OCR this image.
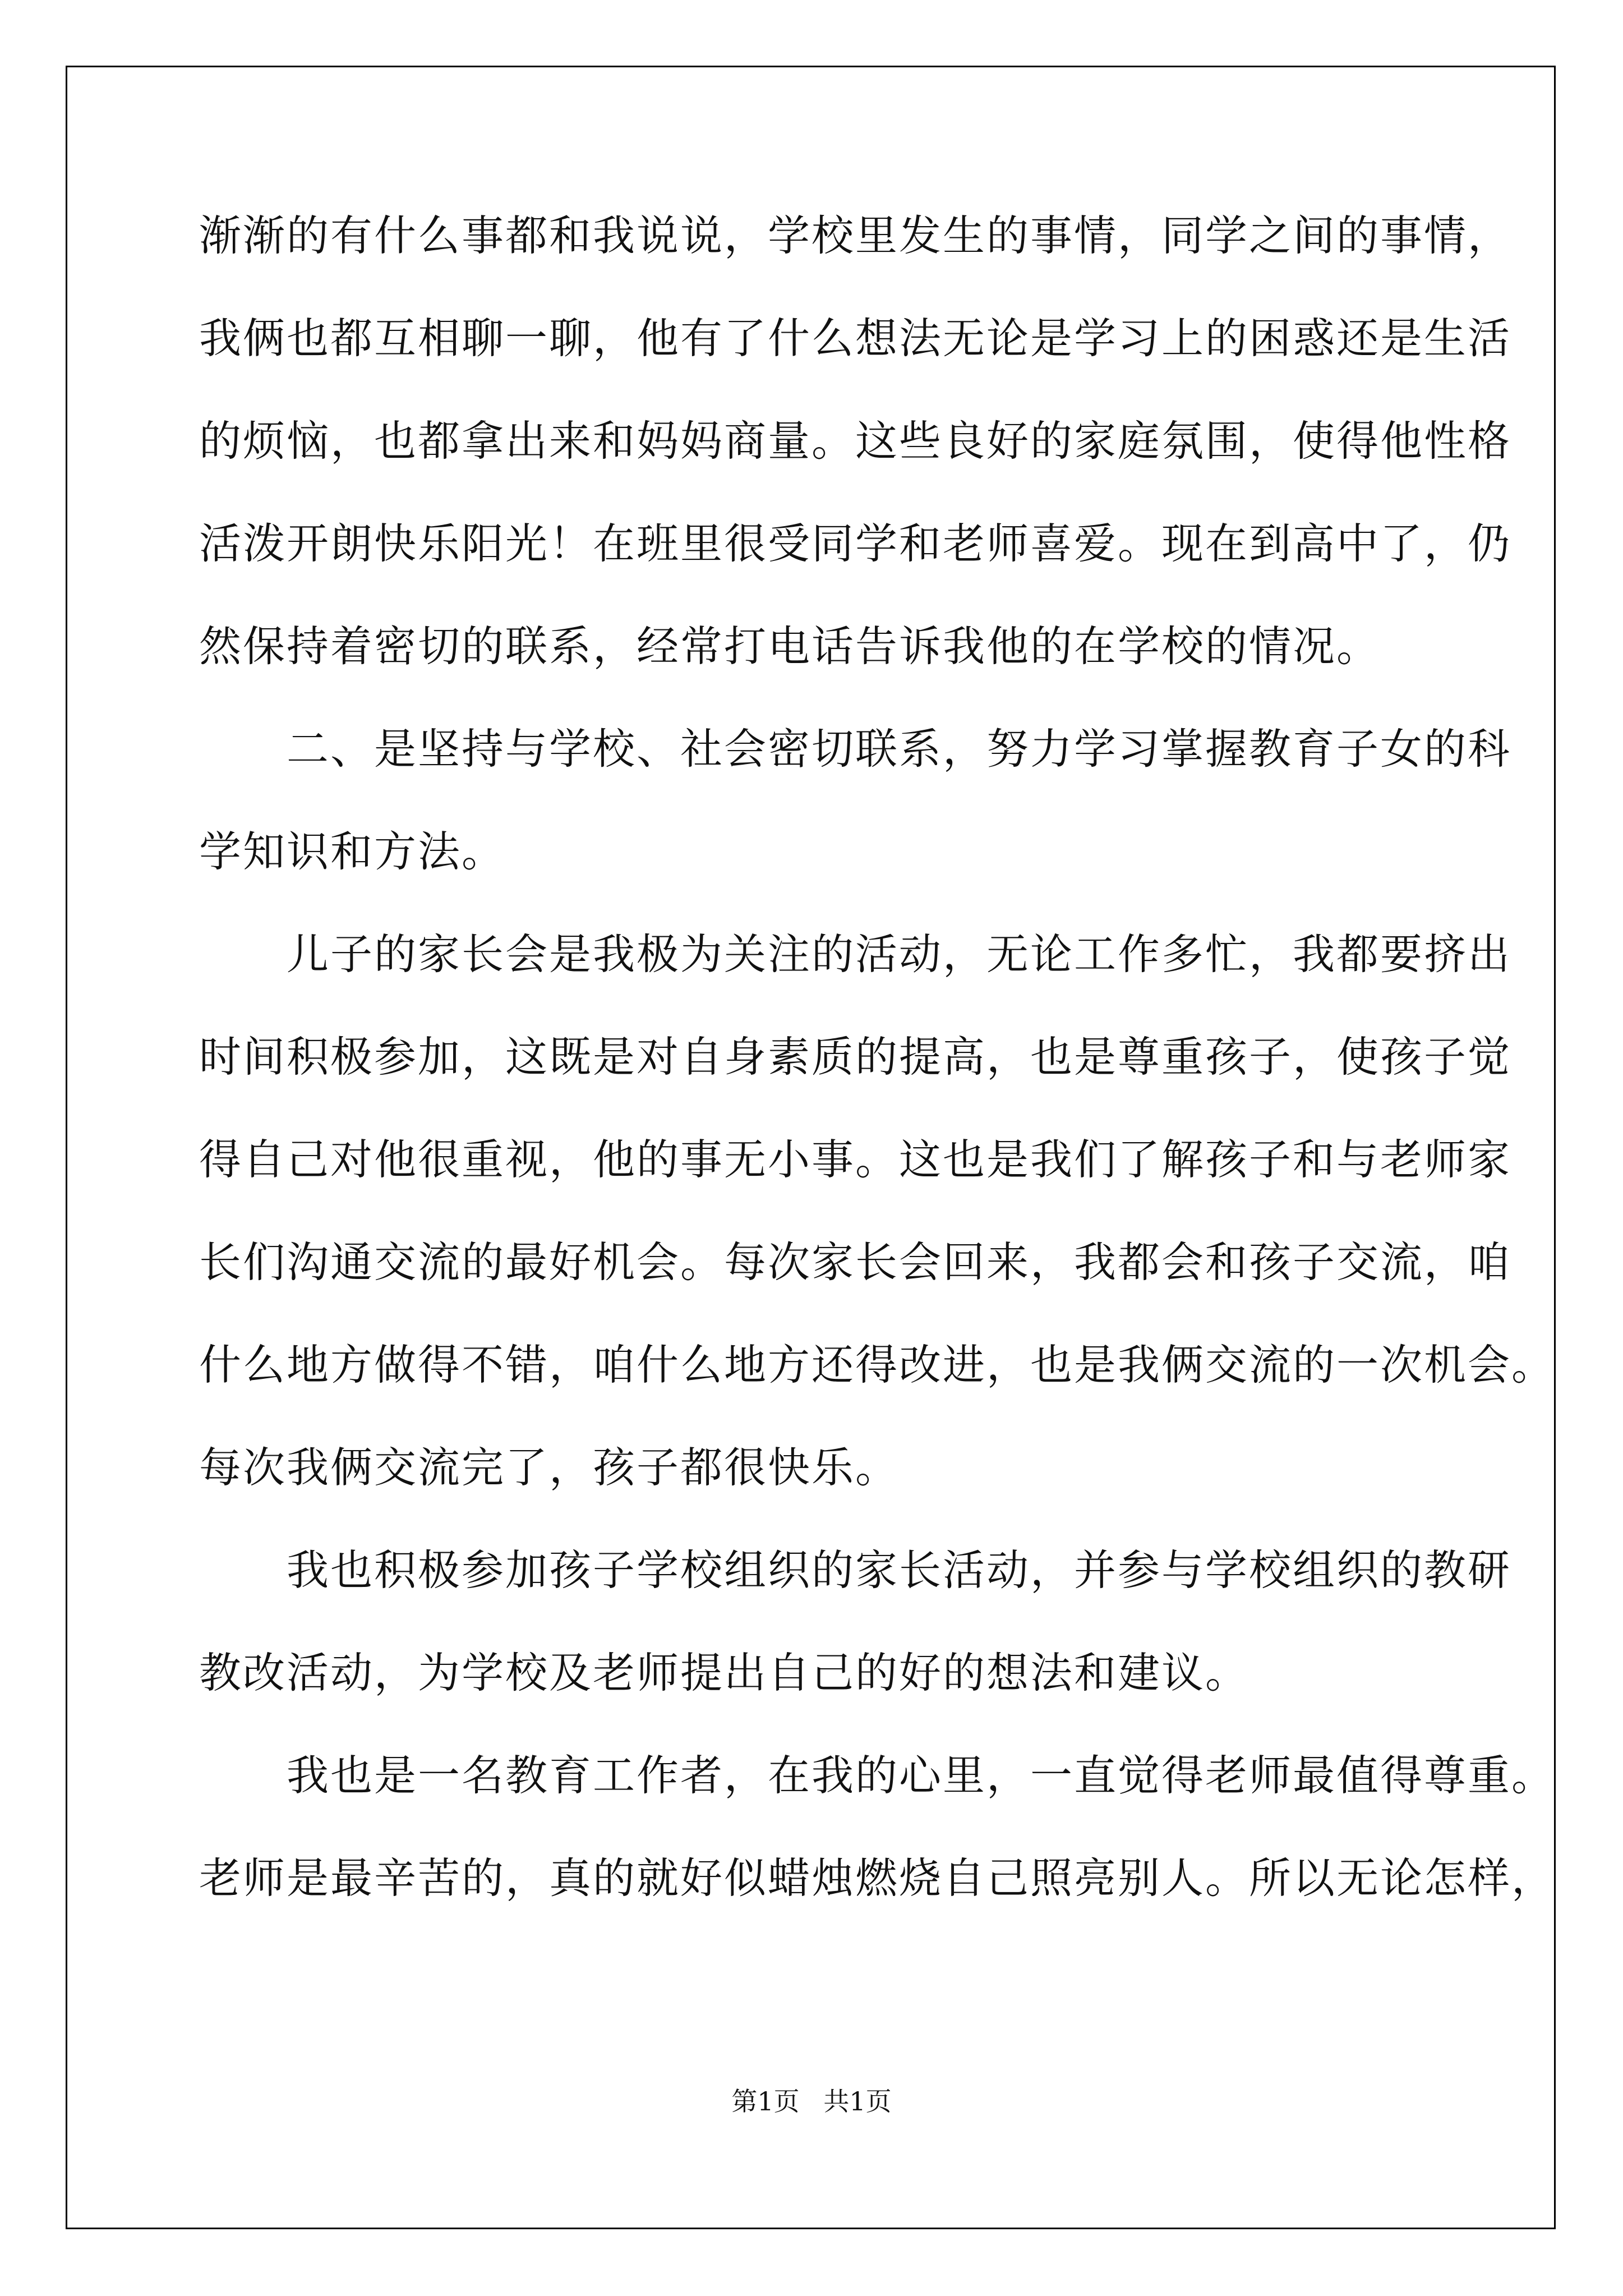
渐渐的有什么事都和我说说，学校里发生的事情，同学之间的事情，
我俩也都互相聊一聊，他有了什么想法无论是学习上的困惑还是生活
的烦恼，也都拿出来和妈妈商量。这些良好的家庭氛围，使得他性格
活泼开朗快乐阳光！在班里很受同学和老师喜爱。现在到高中了，仍
然保持着密切的联系，经常打电话告诉我他的在学校的情况。
　　二、是坚持与学校、社会密切联系，努力学习掌握教育子女的科
学知识和方法。
　　儿子的家长会是我极为关注的活动，无论工作多忙，我都要挤出
时间积极参加，这既是对自身素质的提高，也是尊重孩子，使孩子觉
得自己对他很重视，他的事无小事。这也是我们了解孩子和与老师家
长们沟通交流的最好机会。每次家长会回来，我都会和孩子交流，咱
什么地方做得不错，咱什么地方还得改进，也是我俩交流的一次机会。
每次我俩交流完了，孩子都很快乐。
　　我也积极参加孩子学校组织的家长活动，并参与学校组织的教研
教改活动，为学校及老师提出自己的好的想法和建议。
　　我也是一名教育工作者，在我的心里，一直觉得老师最值得尊重。
老师是最辛苦的，真的就好似蜡烛燃烧自己照亮别人。所以无论怎样，
第1页 共1页
